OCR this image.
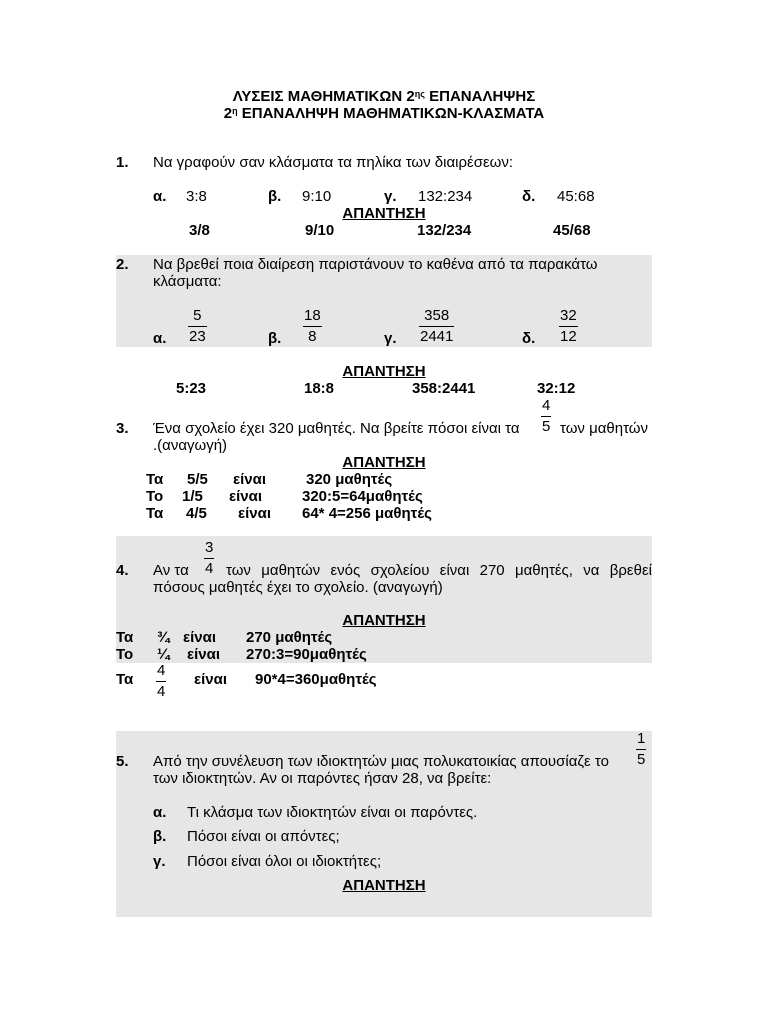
ΛΥΣΕΙΣ ΜΑΘΗΜΑΤΙΚΩΝ $2^{\eta\varsigma}$ ΕΠΑΝΑΛΗΨΗΣ
$2^\eta$ ΕΠΑΝΑΛΗΨΗ ΜΑΘΗΜΑΤΙΚΩΝ-ΚΛΑΣΜΑΤΑ
1. Να γραφούν σαν κλάσματα τα πηλίκα των διαιρέσεων:
α. 3:8	β. 9:10	γ. 132:234	δ. 45:68
ΑΠΑΝΤΗΣΗ
3/8	9/10	132/234	45/68
2. Να βρεθεί ποια διαίρεση παριστάνουν το καθένα από τα παρακάτω
κλάσματα:
α.
5
23	β.
18
8	γ.
358
2441	δ.
32
12
ΑΠΑΝΤΗΣΗ
5:23	18:8	358:2441	32:12
3. Ένα σχολείο έχει 320 μαθητές. Να βρείτε πόσοι είναι τα
4
5 των μαθητών
.(αναγωγή)
ΑΠΑΝΤΗΣΗ
Τα 5/5 είναι	320 μαθητές
Το 1/5 είναι	320:5=64μαθητές
Τα 4/5 είναι 64* 4=256 μαθητές
4. Αν τα
3
4 των μαθητών ενός σχολείου είναι 270 μαθητές, να βρεθεί
πόσους μαθητές έχει το σχολείο. (αναγωγή)
ΑΠΑΝΤΗΣΗ
Τα ¾ είναι 270 μαθητές
Το ¼ είναι 270:3=90μαθητές
Τα
4
4
είναι 90*4=360μαθητές
5. Από την συνέλευση των ιδιοκτητών μιας πολυκατοικίας απουσίαζε το
1
5
των ιδιοκτητών. Αν οι παρόντες ήσαν 28, να βρείτε:
α. Τι κλάσμα των ιδιοκτητών είναι οι παρόντες.
β. Πόσοι είναι οι απόντες;
γ. Πόσοι είναι όλοι οι ιδιοκτήτες;
ΑΠΑΝΤΗΣΗ
